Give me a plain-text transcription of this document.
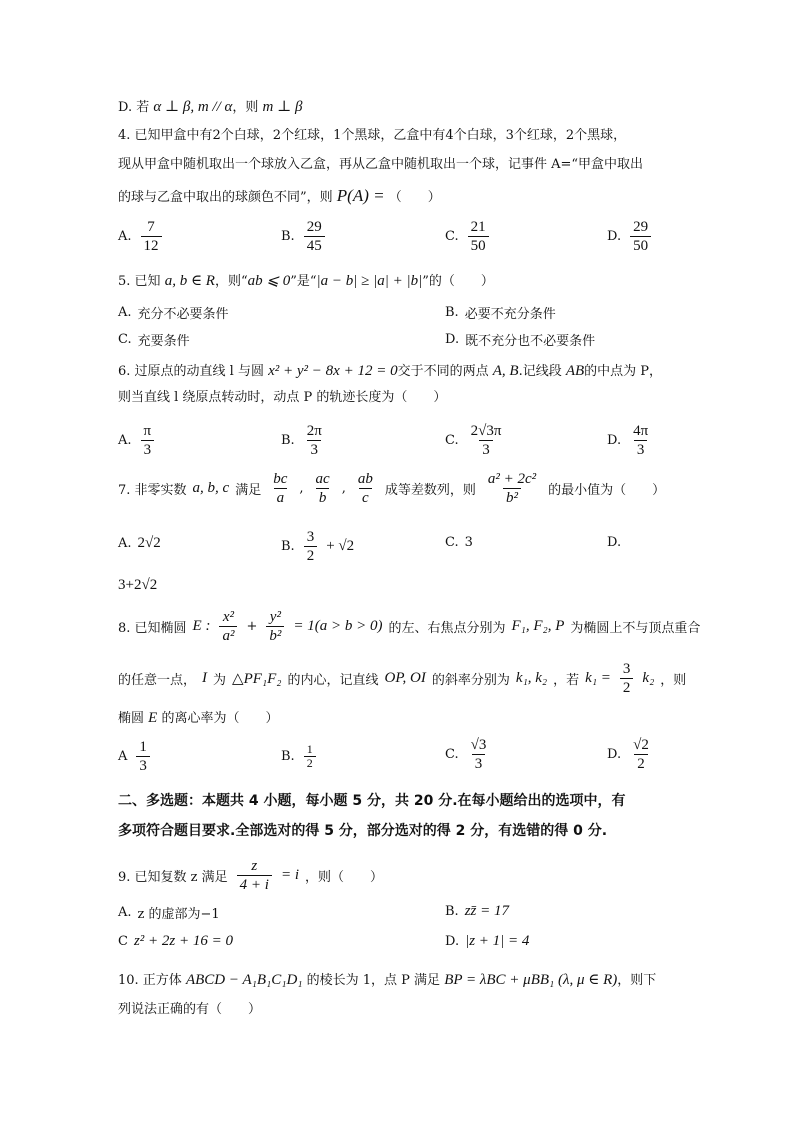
D. 若 α ⊥ β, m // α，则 m ⊥ β
4. 已知甲盒中有2个白球，2个红球，1个黑球，乙盒中有4个白球，3个红球，2个黑球，
现从甲盒中随机取出一个球放入乙盒，再从乙盒中随机取出一个球，记事件 A=“甲盒中取出
的球与乙盒中取出的球颜色不同”，则 P(A) = （　　）
A. $\frac{7}{12}$	B. $\frac{29}{45}$	C. $\frac{21}{50}$	D. $\frac{29}{50}$
5. 已知 a, b ∈ R，则“ab ⩽ 0”是“|a − b| ≥ |a| + |b|”的（　　）
A. 充分不必要条件	B. 必要不充分条件
C. 充要条件	D. 既不充分也不必要条件
6. 过原点的动直线 l 与圆 x² + y² − 8x + 12 = 0交于不同的两点 A, B.记线段 AB的中点为 P，
则当直线 l 绕原点转动时，动点 P 的轨迹长度为（　　）
A. $\frac{\pi}{3}$	B. $\frac{2\pi}{3}$	C. $\frac{2√3\pi}{3}$	D. $\frac{4\pi}{3}$
7. 非零实数 a, b, c 满足 $\frac{bc}{a}$ , $\frac{ac}{b}$ , $\frac{ab}{c}$ 成等差数列，则 $\frac{\text{a² + 2c²}}{\text{b²}}$ 的最小值为（　　）
A. 2√2	B. $\frac{3}{2} + √2$	C. 3	D.
3+2√2
8. 已知椭圆 E : $\frac{\text{x²}}{\text{a²}} + \frac{\text{y²}}{\text{b²}} = 1(a > b > 0)$ 的左、右焦点分别为 F₁, F₂, P 为椭圆上不与顶点重合
的任意一点， I 为 △PF₁F₂ 的内心，记直线 OP, OI 的斜率分别为 k₁, k₂ ，若 $k_1 = \frac{3}{2} k_2$ ，则
椭圆 E 的离心率为（　　）
A $\frac{1}{3}$	B. $\frac{1}{2}$	C. $\frac{√3}{3}$	D. $\frac{√2}{2}$
二、多选题：本题共 4 小题，每小题 5 分，共 20 分.在每小题给出的选项中，有
多项符合题目要求.全部选对的得 5 分，部分选对的得 2 分，有选错的得 0 分.
9. 已知复数 z 满足 $\frac{z}{4 + i} = i$ ，则（　　）
A. z 的虚部为−1	B. zz̄ = 17
C z² + 2z + 16 = 0	D. |z + 1| = 4
10. 正方体 ABCD − A₁B₁C₁D₁ 的棱长为 1，点 P 满足 BP = λBC + μBB₁ (λ, μ ∈ R)，则下
列说法正确的有（　　）
